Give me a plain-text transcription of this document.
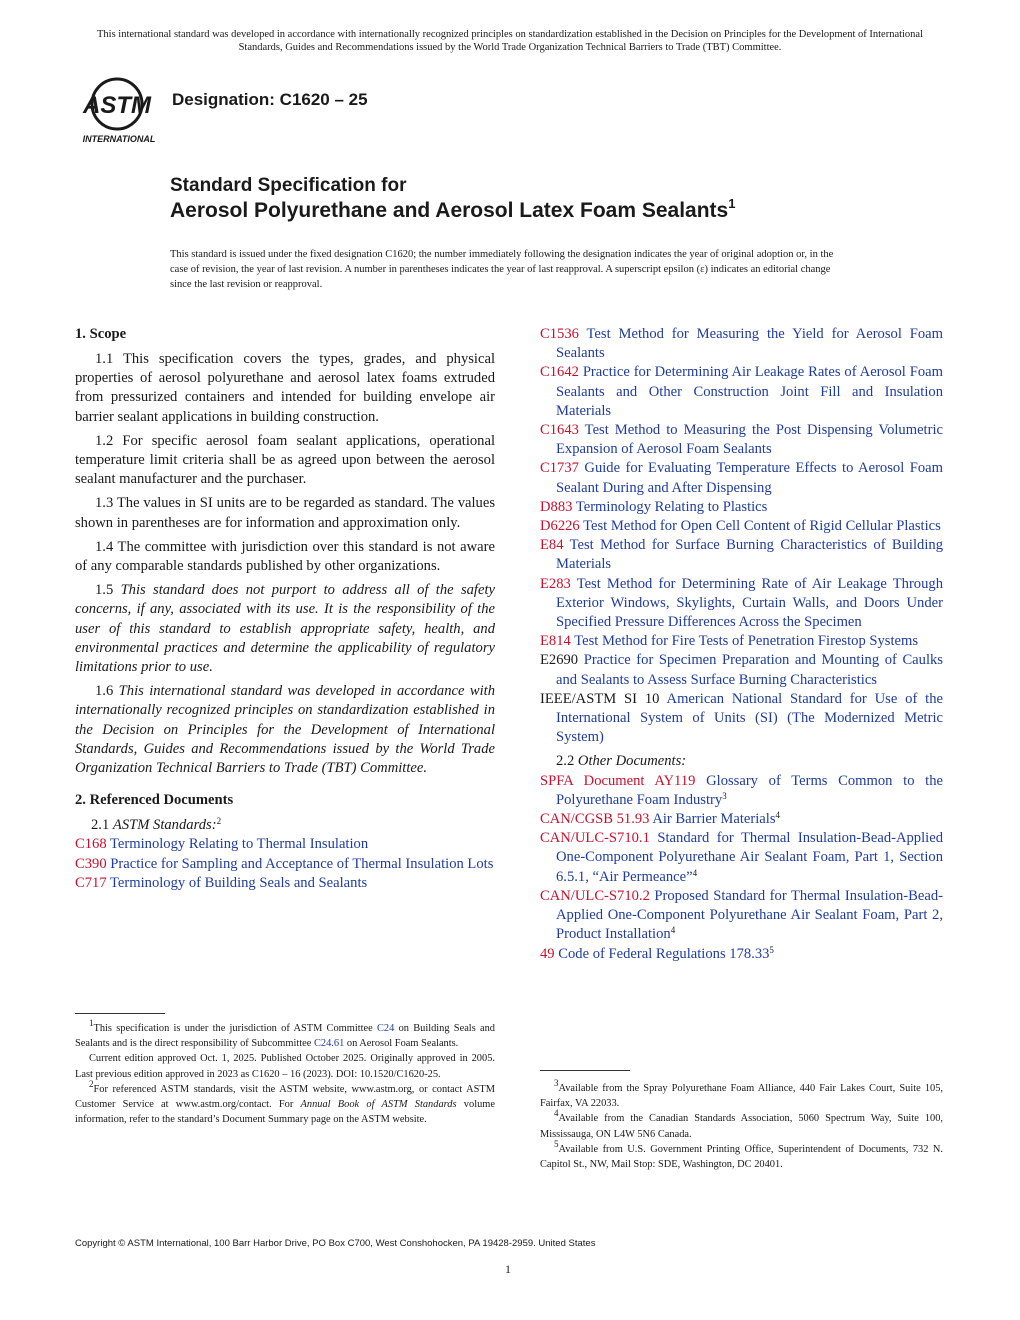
This international standard was developed in accordance with internationally recognized principles on standardization established in the Decision on Principles for the Development of International Standards, Guides and Recommendations issued by the World Trade Organization Technical Barriers to Trade (TBT) Committee.
ASTM
INTERNATIONAL
Designation: C1620 – 25
Standard Specification for
Aerosol Polyurethane and Aerosol Latex Foam Sealants$^1$
This standard is issued under the fixed designation C1620; the number immediately following the designation indicates the year of original adoption or, in the case of revision, the year of last revision. A number in parentheses indicates the year of last reapproval. A superscript epsilon (ε) indicates an editorial change since the last revision or reapproval.
1. Scope

1.1 This specification covers the types, grades, and physical properties of aerosol polyurethane and aerosol latex foams extruded from pressurized containers and intended for building envelope air barrier sealant applications in building construction.

1.2 For specific aerosol foam sealant applications, operational temperature limit criteria shall be as agreed upon between the aerosol sealant manufacturer and the purchaser.

1.3 The values in SI units are to be regarded as standard. The values shown in parentheses are for information and approximation only.

1.4 The committee with jurisdiction over this standard is not aware of any comparable standards published by other organizations.

1.5 This standard does not purport to address all of the safety concerns, if any, associated with its use. It is the responsibility of the user of this standard to establish appropriate safety, health, and environmental practices and determine the applicability of regulatory limitations prior to use.

1.6 This international standard was developed in accordance with internationally recognized principles on standardization established in the Decision on Principles for the Development of International Standards, Guides and Recommendations issued by the World Trade Organization Technical Barriers to Trade (TBT) Committee.

2. Referenced Documents
2.1 ASTM Standards:$^2$
C168 Terminology Relating to Thermal Insulation
C390 Practice for Sampling and Acceptance of Thermal Insulation Lots
C717 Terminology of Building Seals and Sealants
C1536 Test Method for Measuring the Yield for Aerosol Foam Sealants
C1642 Practice for Determining Air Leakage Rates of Aerosol Foam Sealants and Other Construction Joint Fill and Insulation Materials
C1643 Test Method to Measuring the Post Dispensing Volumetric Expansion of Aerosol Foam Sealants
C1737 Guide for Evaluating Temperature Effects to Aerosol Foam Sealant During and After Dispensing
D883 Terminology Relating to Plastics
D6226 Test Method for Open Cell Content of Rigid Cellular Plastics
E84 Test Method for Surface Burning Characteristics of Building Materials
E283 Test Method for Determining Rate of Air Leakage Through Exterior Windows, Skylights, Curtain Walls, and Doors Under Specified Pressure Differences Across the Specimen
E814 Test Method for Fire Tests of Penetration Firestop Systems
E2690 Practice for Specimen Preparation and Mounting of Caulks and Sealants to Assess Surface Burning Characteristics
IEEE/ASTM SI 10 American National Standard for Use of the International System of Units (SI) (The Modernized Metric System)
2.2 Other Documents:
SPFA Document AY119 Glossary of Terms Common to the Polyurethane Foam Industry$^3$
CAN/CGSB 51.93 Air Barrier Materials$^4$
CAN/ULC-S710.1 Standard for Thermal Insulation-Bead-Applied One-Component Polyurethane Air Sealant Foam, Part 1, Section 6.5.1, “Air Permeance”$^4$
CAN/ULC-S710.2 Proposed Standard for Thermal Insulation-Bead-Applied One-Component Polyurethane Air Sealant Foam, Part 2, Product Installation$^4$
49 Code of Federal Regulations 178.33$^5$

$^1$This specification is under the jurisdiction of ASTM Committee C24 on Building Seals and Sealants and is the direct responsibility of Subcommittee C24.61 on Aerosol Foam Sealants.

Current edition approved Oct. 1, 2025. Published October 2025. Originally approved in 2005. Last previous edition approved in 2023 as C1620 – 16 (2023). DOI: 10.1520/C1620-25.

$^2$For referenced ASTM standards, visit the ASTM website, www.astm.org, or contact ASTM Customer Service at www.astm.org/contact. For Annual Book of ASTM Standards volume information, refer to the standard’s Document Summary page on the ASTM website.

$^3$Available from the Spray Polyurethane Foam Alliance, 440 Fair Lakes Court, Suite 105, Fairfax, VA 22033.

$^4$Available from the Canadian Standards Association, 5060 Spectrum Way, Suite 100, Mississauga, ON L4W 5N6 Canada.

$^5$Available from U.S. Government Printing Office, Superintendent of Documents, 732 N. Capitol St., NW, Mail Stop: SDE, Washington, DC 20401.

Copyright © ASTM International, 100 Barr Harbor Drive, PO Box C700, West Conshohocken, PA 19428-2959. United States
1
